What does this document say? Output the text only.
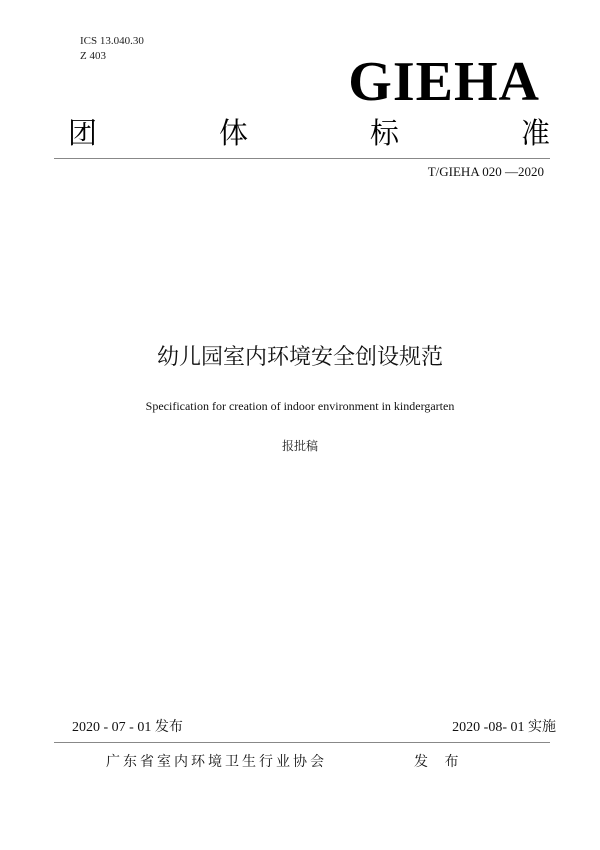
ICS 13.040.30
Z 403	GIEHA
团	体	标	准
T/GIEHA 020 —2020
幼儿园室内环境安全创设规范
Specification for creation of indoor environment in kindergarten
报批稿
2020 - 07 - 01 发布	2020 -08- 01 实施
广东省室内环境卫生行业协会	发 布
